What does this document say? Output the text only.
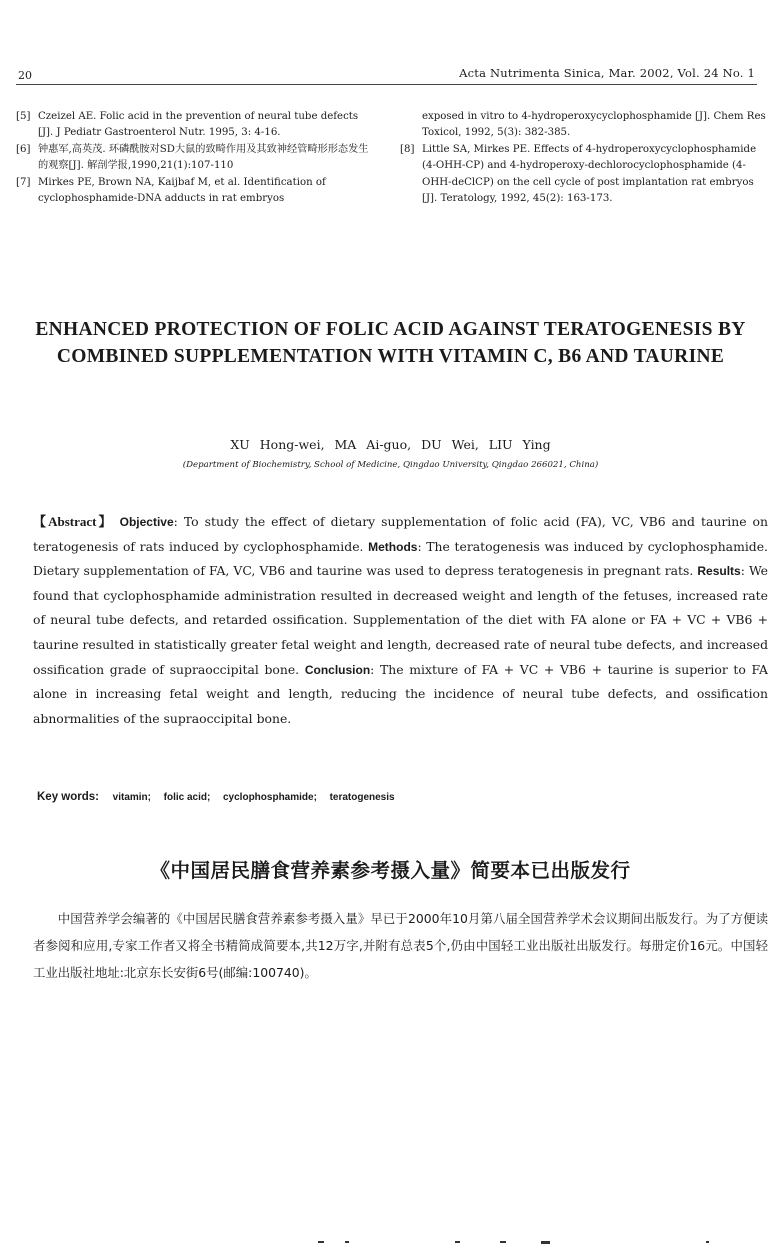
20	Acta Nutrimenta Sinica, Mar. 2002, Vol. 24 No. 1
[5] Czeizel AE. Folic acid in the prevention of neural tube defects [J]. J Pediatr Gastroenterol Nutr. 1995, 3: 4-16.
[6] 钟惠军,高英茂. 环磷酰胺对SD大鼠的致畸作用及其致神经管畸形形态发生的观察[J]. 解剖学报,1990,21(1):107-110
[7] Mirkes PE, Brown NA, Kaijbaf M, et al. Identification of cyclophosphamide-DNA adducts in rat embryos
exposed in vitro to 4-hydroperoxycyclophosphamide [J]. Chem Res Toxicol, 1992, 5(3): 382-385.
[8] Little SA, Mirkes PE. Effects of 4-hydroperoxycyclophosphamide (4-OHH-CP) and 4-hydroperoxy-dechlorocyclophosphamide (4-OHH-deClCP) on the cell cycle of post implantation rat embryos [J]. Teratology, 1992, 45(2): 163-173.
ENHANCED PROTECTION OF FOLIC ACID AGAINST TERATOGENESIS BY COMBINED SUPPLEMENTATION WITH VITAMIN C, B6 AND TAURINE
XU Hong-wei, MA Ai-guo, DU Wei, LIU Ying
(Department of Biochemistry, School of Medicine, Qingdao University, Qingdao 266021, China)
【Abstract】 Objective: To study the effect of dietary supplementation of folic acid (FA), VC, VB6 and taurine on teratogenesis of rats induced by cyclophosphamide. Methods: The teratogenesis was induced by cyclophosphamide. Dietary supplementation of FA, VC, VB6 and taurine was used to depress teratogenesis in pregnant rats. Results: We found that cyclophosphamide administration resulted in decreased weight and length of the fetuses, increased rate of neural tube defects, and retarded ossification. Supplementation of the diet with FA alone or FA + VC + VB6 + taurine resulted in statistically greater fetal weight and length, decreased rate of neural tube defects, and increased ossification grade of supraoccipital bone. Conclusion: The mixture of FA + VC + VB6 + taurine is superior to FA alone in increasing fetal weight and length, reducing the incidence of neural tube defects, and ossification abnormalities of the supraoccipital bone.
Key words: vitamin; folic acid; cyclophosphamide; teratogenesis
《中国居民膳食营养素参考摄入量》简要本已出版发行
中国营养学会编著的《中国居民膳食营养素参考摄入量》早已于2000年10月第八届全国营养学术会议期间出版发行。为了方便读者参阅和应用,专家工作者又将全书精简成简要本,共12万字,并附有总表5个,仍由中国轻工业出版社出版发行。每册定价16元。中国轻工业出版社地址:北京东长安街6号(邮编:100740)。
